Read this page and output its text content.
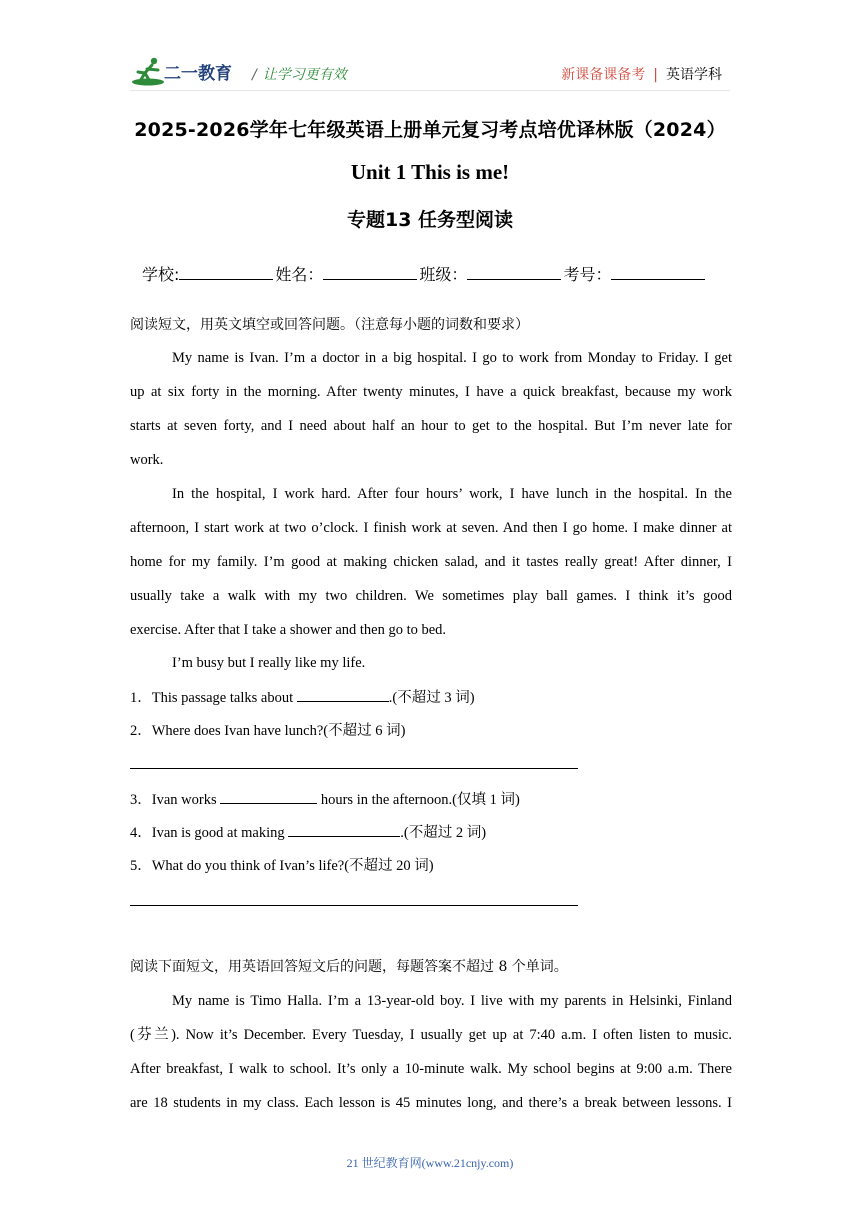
二一教育 / 让学习更有效	新课备课备考 | 英语学科
2025-2026学年七年级英语上册单元复习考点培优译林版（2024）
Unit 1 This is me!
专题13 任务型阅读
学校:	姓名：	班级：	考号：
阅读短文，用英文填空或回答问题。（注意每小题的词数和要求）
My name is Ivan. I’m a doctor in a big hospital. I go to work from Monday to Friday. I get
up at six forty in the morning. After twenty minutes, I have a quick breakfast, because my work
starts at seven forty, and I need about half an hour to get to the hospital. But I’m never late for
work.
In the hospital, I work hard. After four hours’ work, I have lunch in the hospital. In the
afternoon, I start work at two o’clock. I finish work at seven. And then I go home. I make dinner at
home for my family. I’m good at making chicken salad, and it tastes really great! After dinner, I
usually take a walk with my two children. We sometimes play ball games. I think it’s good
exercise. After that I take a shower and then go to bed.
I’m busy but I really like my life.
1．This passage talks about	.(不超过 3 词)
2．Where does Ivan have lunch?(不超过 6 词)
3．Ivan works	hours in the afternoon.(仅填 1 词)
4．Ivan is good at making	.(不超过 2 词)
5．What do you think of Ivan’s life?(不超过 20 词)
阅读下面短文，用英语回答短文后的问题，每题答案不超过 8 个单词。
My name is Timo Halla. I’m a 13-year-old boy. I live with my parents in Helsinki, Finland
(芬兰). Now it’s December. Every Tuesday, I usually get up at 7:40 a.m. I often listen to music.
After breakfast, I walk to school. It’s only a 10-minute walk. My school begins at 9:00 a.m. There
are 18 students in my class. Each lesson is 45 minutes long, and there’s a break between lessons. I
21 世纪教育网(www.21cnjy.com)
